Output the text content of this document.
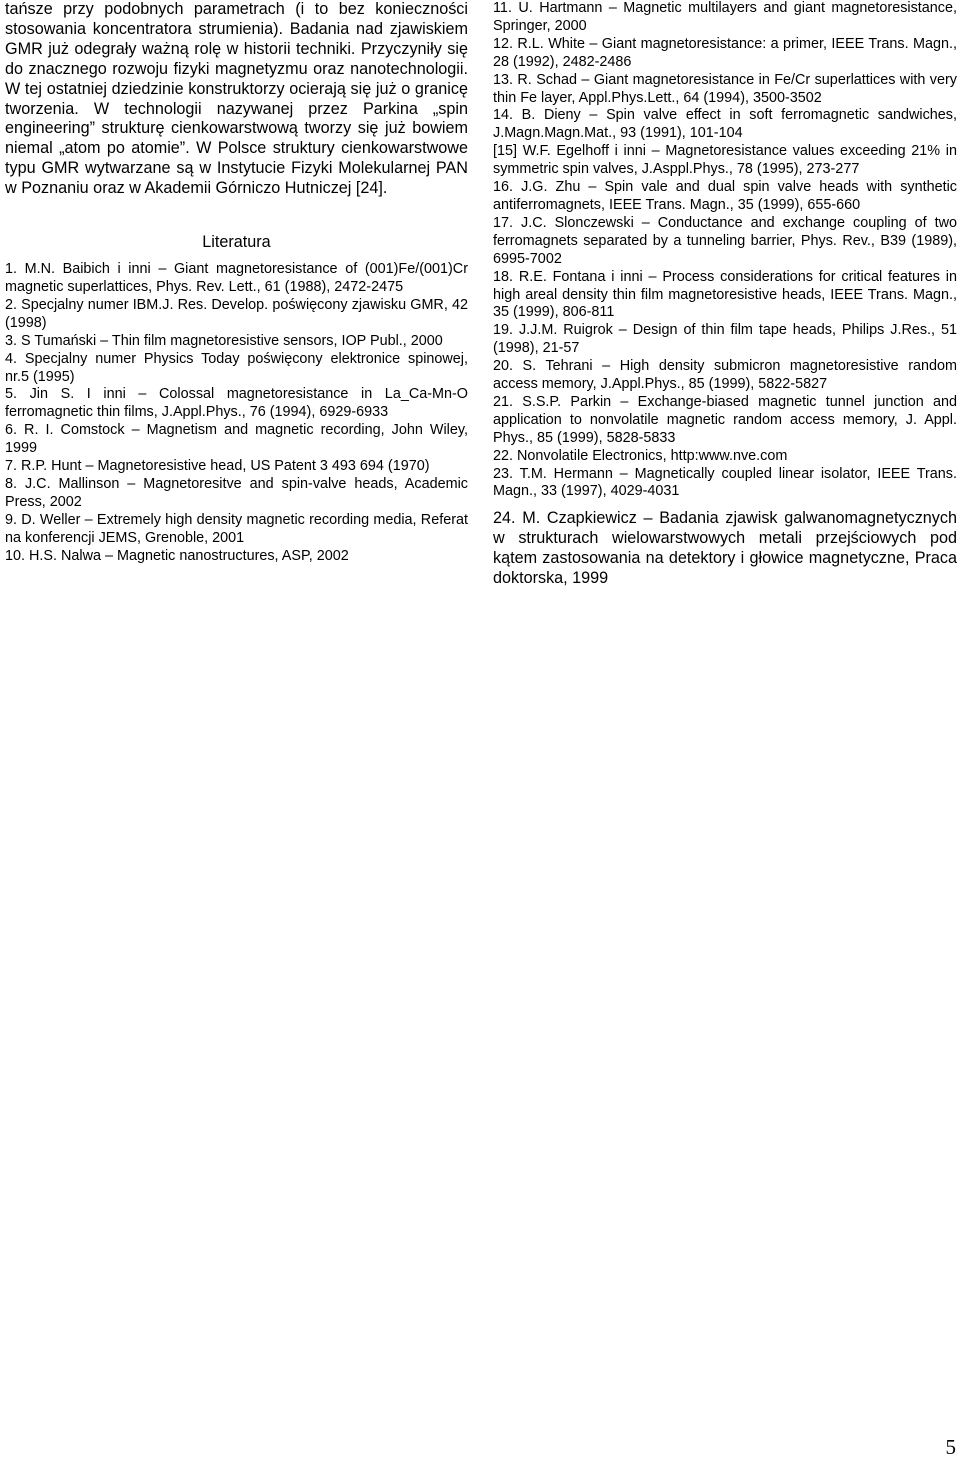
tańsze przy podobnych parametrach (i to bez konieczności stosowania koncentratora strumienia). Badania nad zjawiskiem GMR już odegrały ważną rolę w historii techniki. Przyczyniły się do znacznego rozwoju fizyki magnetyzmu oraz nanotechnologii. W tej ostatniej dziedzinie konstruktorzy ocierają się już o granicę tworzenia. W technologii nazywanej przez Parkina „spin engineering” strukturę cienkowarstwową tworzy się już bowiem niemal „atom po atomie”. W Polsce struktury cienkowarstwowe typu GMR wytwarzane są w Instytucie Fizyki Molekularnej PAN w Poznaniu oraz w Akademii Górniczo Hutniczej [24].

Literatura

1. M.N. Baibich i inni – Giant magnetoresistance of (001)Fe/(001)Cr magnetic superlattices, Phys. Rev. Lett., 61 (1988), 2472-2475

2. Specjalny numer IBM.J. Res. Develop. poświęcony zjawisku GMR, 42 (1998)

3. S Tumański – Thin film magnetoresistive sensors, IOP Publ., 2000

4. Specjalny numer Physics Today poświęcony elektronice spinowej, nr.5 (1995)

5. Jin S. I inni – Colossal magnetoresistance in La_Ca-Mn-O ferromagnetic thin films, J.Appl.Phys., 76 (1994), 6929-6933

6. R. I. Comstock – Magnetism and magnetic recording, John Wiley, 1999

7. R.P. Hunt – Magnetoresistive head, US Patent 3 493 694 (1970)

8. J.C. Mallinson – Magnetoresitve and spin-valve heads, Academic Press, 2002

9. D. Weller – Extremely high density magnetic recording media, Referat na konferencji JEMS, Grenoble, 2001

10. H.S. Nalwa – Magnetic nanostructures, ASP, 2002

11. U. Hartmann – Magnetic multilayers and giant magnetoresistance, Springer, 2000

12. R.L. White – Giant magnetoresistance: a primer, IEEE Trans. Magn., 28 (1992), 2482-2486

13. R. Schad – Giant magnetoresistance in Fe/Cr superlattices with very thin Fe layer, Appl.Phys.Lett., 64 (1994), 3500-3502

14. B. Dieny – Spin valve effect in soft ferromagnetic sandwiches, J.Magn.Magn.Mat., 93 (1991), 101-104

[15] W.F. Egelhoff i inni – Magnetoresistance values exceeding 21% in symmetric spin valves, J.Asppl.Phys., 78 (1995), 273-277

16. J.G. Zhu – Spin vale and dual spin valve heads with synthetic antiferromagnets, IEEE Trans. Magn., 35 (1999), 655-660

17. J.C. Slonczewski – Conductance and exchange coupling of two ferromagnets separated by a tunneling barrier, Phys. Rev., B39 (1989), 6995-7002

18. R.E. Fontana i inni – Process considerations for critical features in high areal density thin film magnetoresistive heads, IEEE Trans. Magn., 35 (1999), 806-811

19. J.J.M. Ruigrok – Design of thin film tape heads, Philips J.Res., 51 (1998), 21-57

20. S. Tehrani – High density submicron magnetoresistive random access memory, J.Appl.Phys., 85 (1999), 5822-5827

21. S.S.P. Parkin – Exchange-biased magnetic tunnel junction and application to nonvolatile magnetic random access memory, J. Appl. Phys., 85 (1999), 5828-5833

22. Nonvolatile Electronics, http:www.nve.com

23. T.M. Hermann – Magnetically coupled linear isolator, IEEE Trans. Magn., 33 (1997), 4029-4031

24. M. Czapkiewicz – Badania zjawisk galwanomagnetycznych w strukturach wielowarstwowych metali przejściowych pod kątem zastosowania na detektory i głowice magnetyczne, Praca doktorska, 1999

5
